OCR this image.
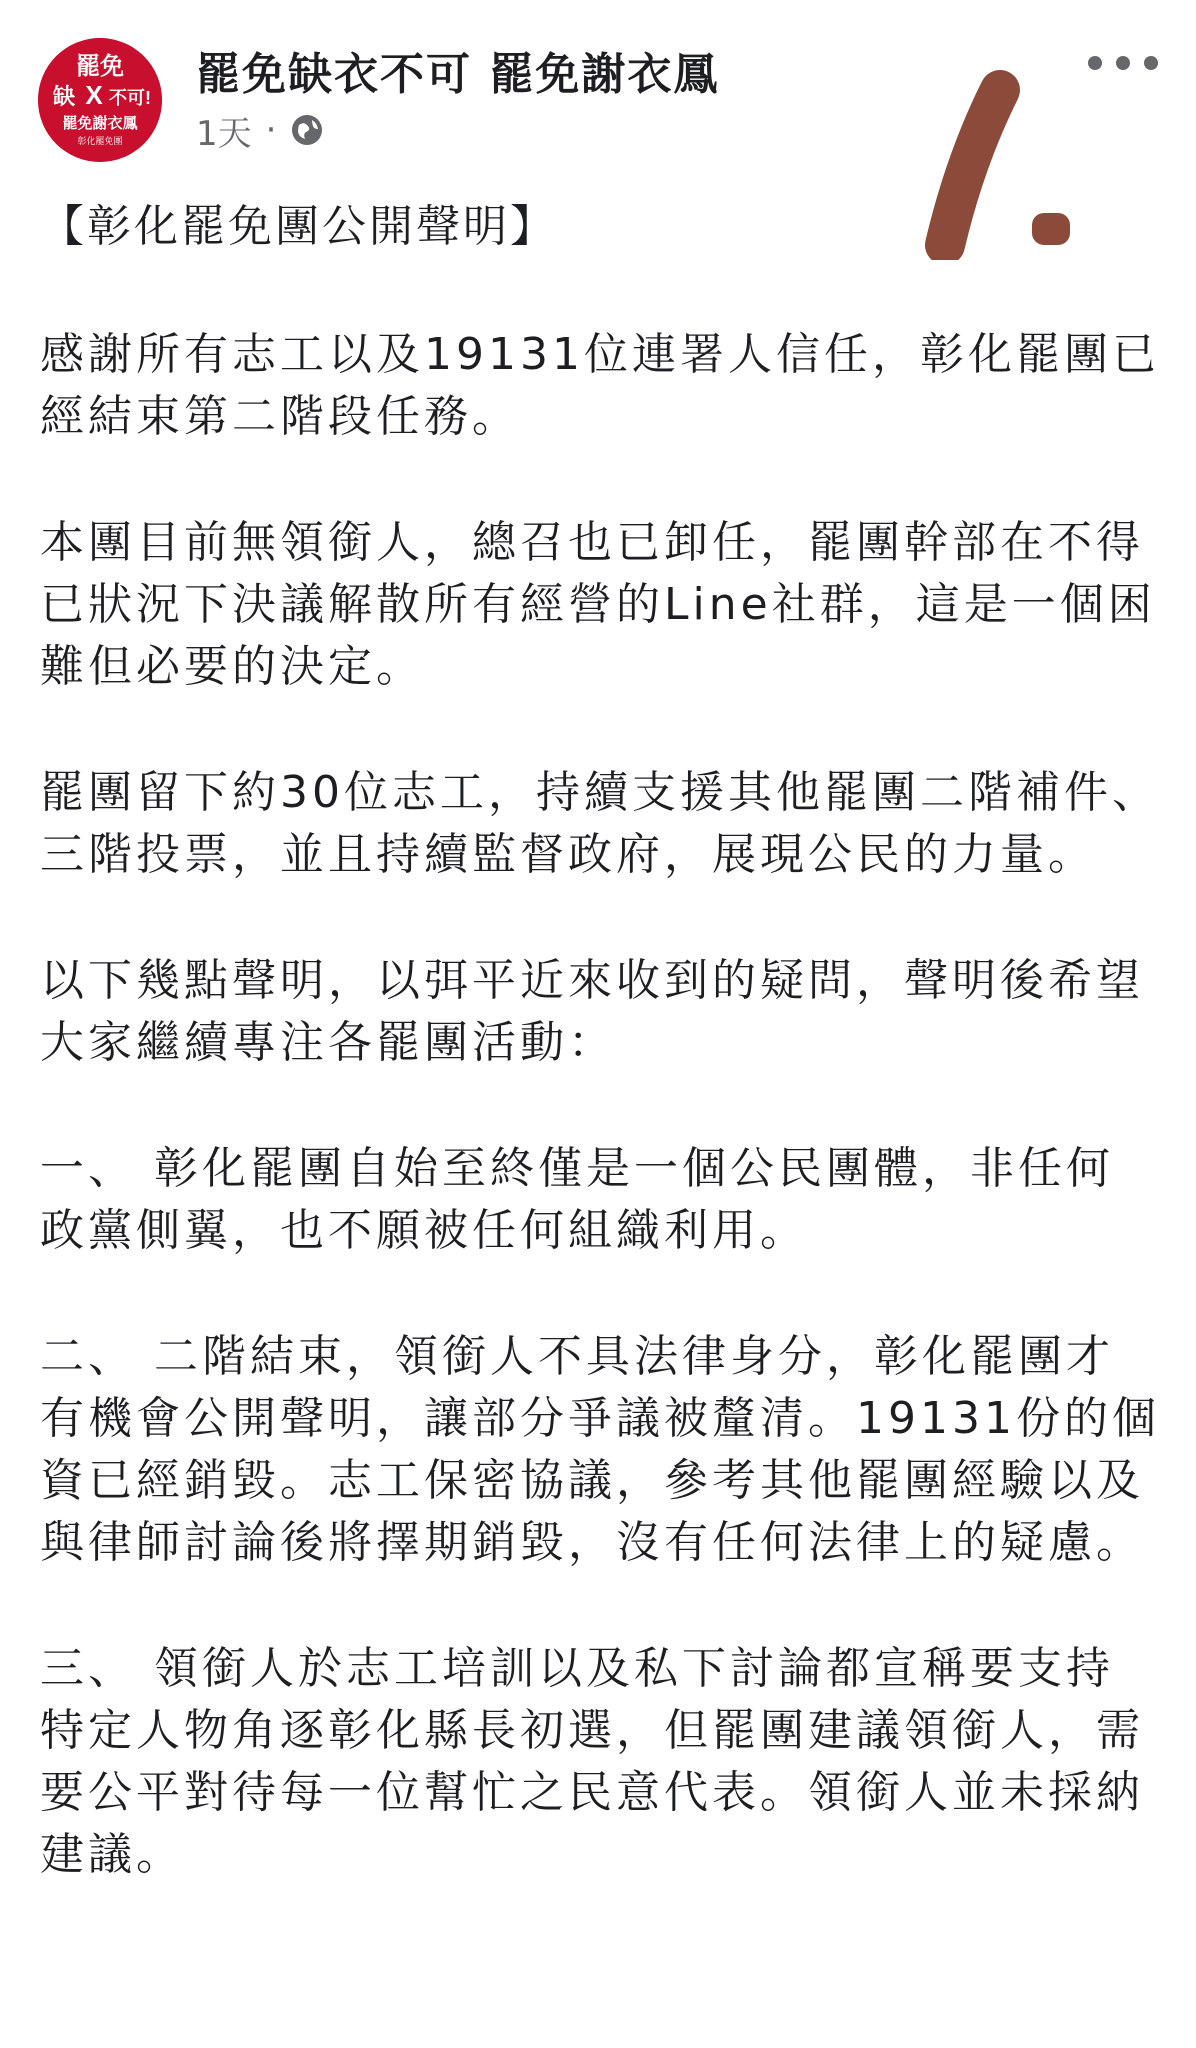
罷免
缺 X 不可!
罷免謝衣鳳
彰化罷免團
罷免缺衣不可 罷免謝衣鳳
1天 ·

【彰化罷免團公開聲明】

感謝所有志工以及19131位連署人信任，彰化罷團已經結束第二階段任務。

本團目前無領銜人，總召也已卸任，罷團幹部在不得已狀況下決議解散所有經營的Line社群，這是一個困難但必要的決定。

罷團留下約30位志工，持續支援其他罷團二階補件、三階投票，並且持續監督政府，展現公民的力量。

以下幾點聲明，以弭平近來收到的疑問，聲明後希望大家繼續專注各罷團活動：

一、 彰化罷團自始至終僅是一個公民團體，非任何政黨側翼，也不願被任何組織利用。

二、 二階結束，領銜人不具法律身分，彰化罷團才有機會公開聲明，讓部分爭議被釐清。19131份的個資已經銷毀。志工保密協議，參考其他罷團經驗以及與律師討論後將擇期銷毀，沒有任何法律上的疑慮。

三、 領銜人於志工培訓以及私下討論都宣稱要支持特定人物角逐彰化縣長初選，但罷團建議領銜人，需要公平對待每一位幫忙之民意代表。領銜人並未採納建議。
